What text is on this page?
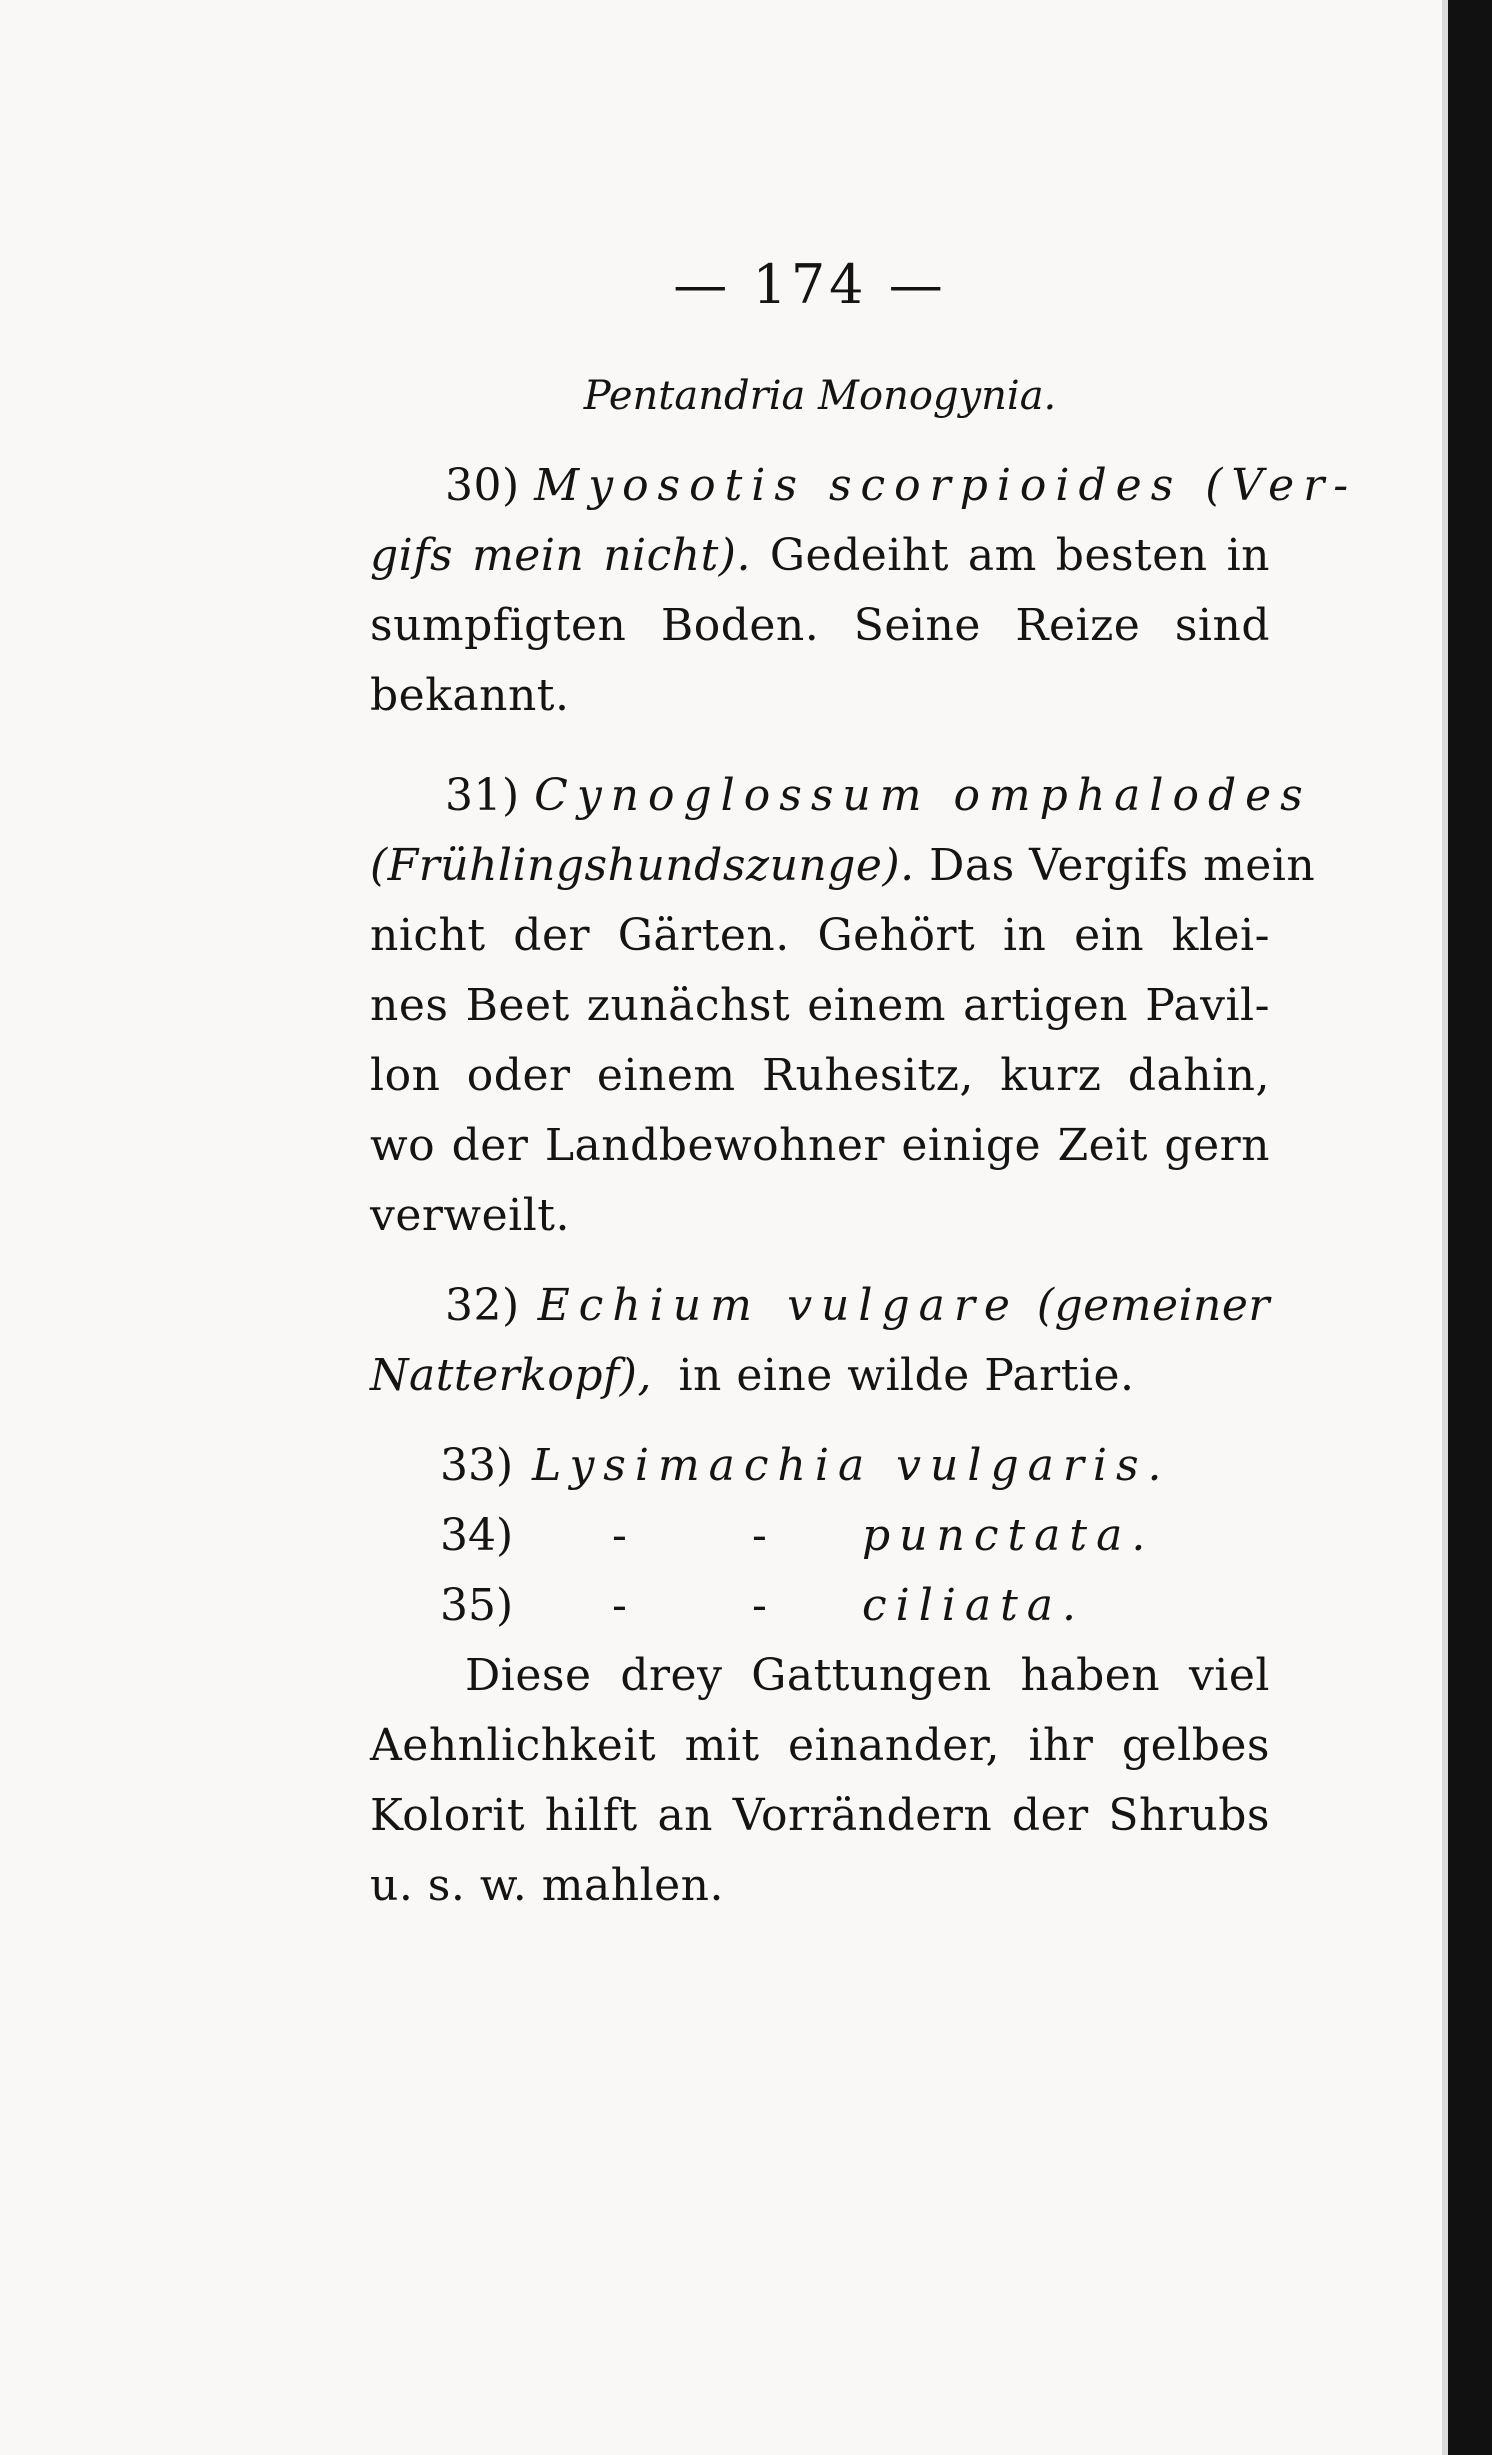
— 174 —
Pentandria Monogynia.
30) Myosotis scorpioides (Ver-
gifs mein nicht). Gedeiht am besten in
sumpfigten Boden. Seine Reize sind
bekannt.
31) Cynoglossum omphalodes
(Frühlingshundszunge). Das Vergifs mein
nicht der Gärten. Gehört in ein klei-
nes Beet zunächst einem artigen Pavil-
lon oder einem Ruhesitz, kurz dahin,
wo der Landbewohner einige Zeit gern
verweilt.
32) Echium vulgare (gemeiner
Natterkopf), in eine wilde Partie.
33) Lysimachia vulgaris.
34) -	- punctata.
35) -	- ciliata.
Diese drey Gattungen haben viel
Aehnlichkeit mit einander, ihr gelbes
Kolorit hilft an Vorrändern der Shrubs
u. s. w. mahlen.
